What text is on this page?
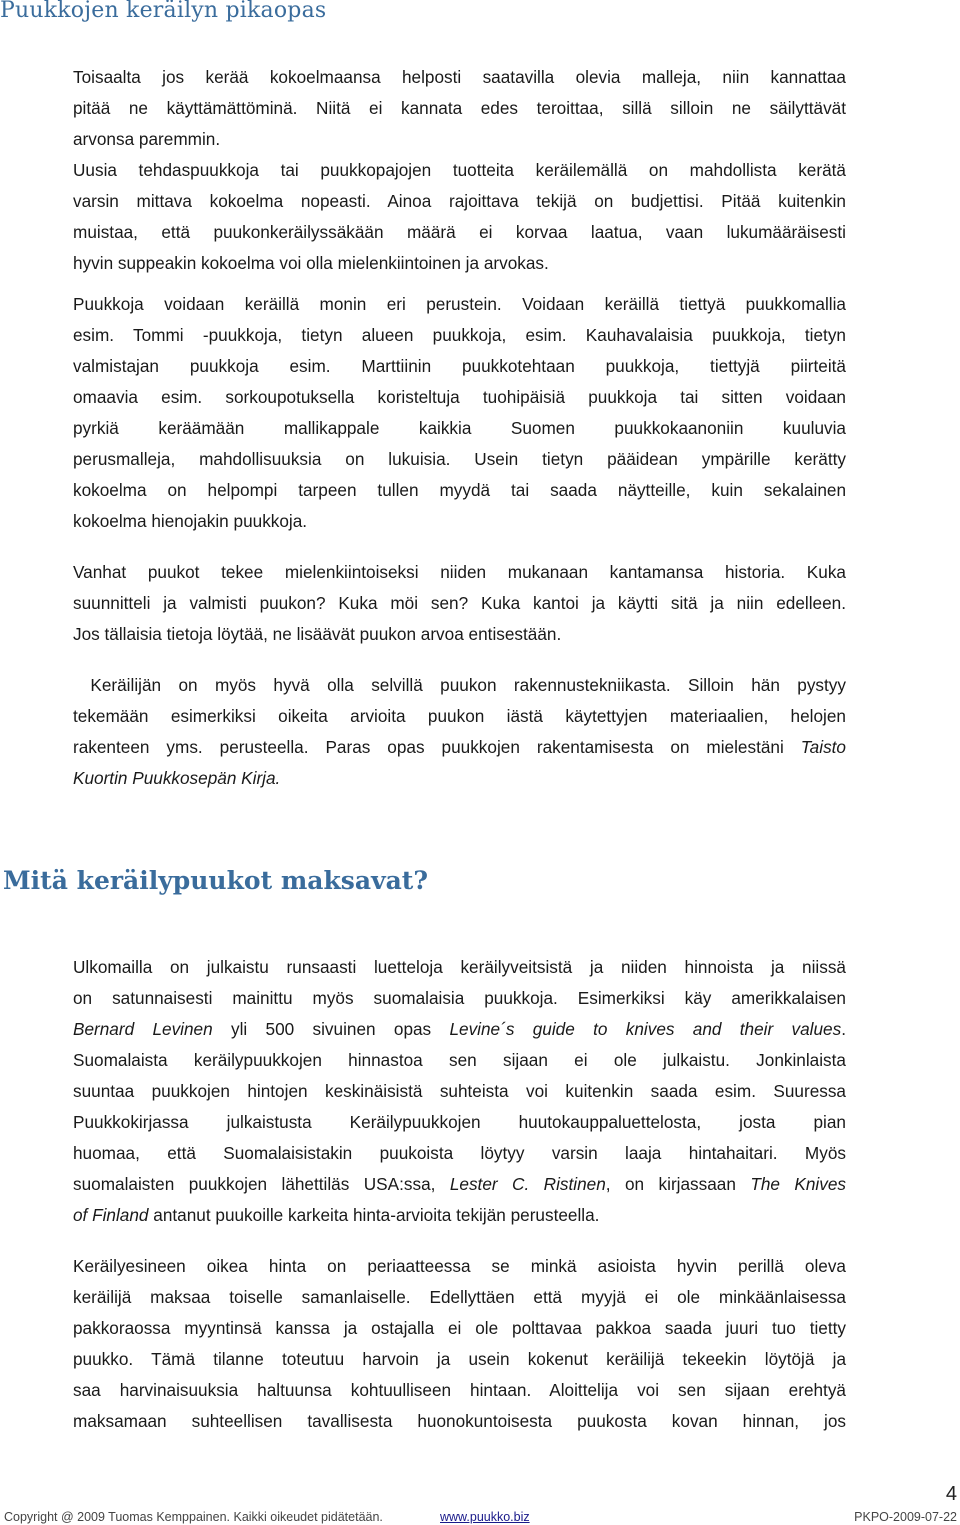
Puukkojen keräilyn pikaopas

Toisaalta jos kerää kokoelmaansa helposti saatavilla olevia malleja, niin kannattaa
pitää ne käyttämättöminä. Niitä ei kannata edes teroittaa, sillä silloin ne säilyttävät
arvonsa paremmin.

Uusia tehdaspuukkoja tai puukkopajojen tuotteita keräilemällä on mahdollista kerätä
varsin mittava kokoelma nopeasti. Ainoa rajoittava tekijä on budjettisi. Pitää kuitenkin
muistaa, että puukonkeräilyssäkään määrä ei korvaa laatua, vaan lukumääräisesti
hyvin suppeakin kokoelma voi olla mielenkiintoinen ja arvokas.

Puukkoja voidaan keräillä monin eri perustein. Voidaan keräillä tiettyä puukkomallia
esim. Tommi -puukkoja, tietyn alueen puukkoja, esim. Kauhavalaisia puukkoja, tietyn
valmistajan puukkoja esim. Marttiinin puukkotehtaan puukkoja, tiettyjä piirteitä
omaavia esim. sorkoupotuksella koristeltuja tuohipäisiä puukkoja tai sitten voidaan
pyrkiä keräämään mallikappale kaikkia Suomen puukkokaanoniin kuuluvia
perusmalleja, mahdollisuuksia on lukuisia. Usein tietyn pääidean ympärille kerätty
kokoelma on helpompi tarpeen tullen myydä tai saada näytteille, kuin sekalainen
kokoelma hienojakin puukkoja.

Vanhat puukot tekee mielenkiintoiseksi niiden mukanaan kantamansa historia. Kuka
suunnitteli ja valmisti puukon? Kuka möi sen? Kuka kantoi ja käytti sitä ja niin edelleen.
Jos tällaisia tietoja löytää, ne lisäävät puukon arvoa entisestään.

Keräilijän on myös hyvä olla selvillä puukon rakennustekniikasta. Silloin hän pystyy
tekemään esimerkiksi oikeita arvioita puukon iästä käytettyjen materiaalien, helojen
rakenteen yms. perusteella. Paras opas puukkojen rakentamisesta on mielestäni Taisto
Kuortin Puukkosepän Kirja.

Mitä keräilypuukot maksavat?

Ulkomailla on julkaistu runsaasti luetteloja keräilyveitsistä ja niiden hinnoista ja niissä
on satunnaisesti mainittu myös suomalaisia puukkoja. Esimerkiksi käy amerikkalaisen
Bernard Levinen yli 500 sivuinen opas Levine´s guide to knives and their values.
Suomalaista keräilypuukkojen hinnastoa sen sijaan ei ole julkaistu. Jonkinlaista
suuntaa puukkojen hintojen keskinäisistä suhteista voi kuitenkin saada esim. Suuressa
Puukkokirjassa julkaistusta Keräilypuukkojen huutokauppaluettelosta, josta pian
huomaa, että Suomalaisistakin puukoista löytyy varsin laaja hintahaitari. Myös
suomalaisten puukkojen lähettiläs USA:ssa, Lester C. Ristinen, on kirjassaan The Knives
of Finland antanut puukoille karkeita hinta-arvioita tekijän perusteella.

Keräilyesineen oikea hinta on periaatteessa se minkä asioista hyvin perillä oleva
keräilijä maksaa toiselle samanlaiselle. Edellyttäen että myyjä ei ole minkäänlaisessa
pakkoraossa myyntinsä kanssa ja ostajalla ei ole polttavaa pakkoa saada juuri tuo tietty
puukko. Tämä tilanne toteutuu harvoin ja usein kokenut keräilijä tekeekin löytöjä ja
saa harvinaisuuksia haltuunsa kohtuulliseen hintaan. Aloittelija voi sen sijaan erehtyä
maksamaan suhteellisen tavallisesta huonokuntoisesta puukosta kovan hinnan, jos

4
Copyright @ 2009 Tuomas Kemppainen. Kaikki oikeudet pidätetään.	www.puukko.biz	PKPO-2009-07-22
